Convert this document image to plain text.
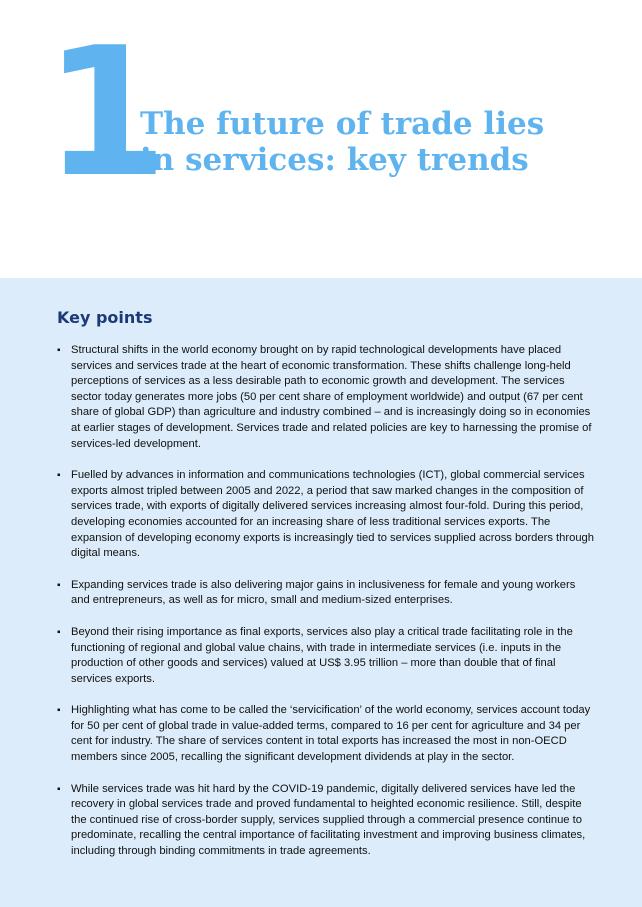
1
The future of trade lies
in services: key trends
Key points
▪ Structural shifts in the world economy brought on by rapid technological developments have placed services and services trade at the heart of economic transformation. These shifts challenge long-held perceptions of services as a less desirable path to economic growth and development. The services sector today generates more jobs (50 per cent share of employment worldwide) and output (67 per cent share of global GDP) than agriculture and industry combined – and is increasingly doing so in economies at earlier stages of development. Services trade and related policies are key to harnessing the promise of services-led development.
▪ Fuelled by advances in information and communications technologies (ICT), global commercial services exports almost tripled between 2005 and 2022, a period that saw marked changes in the composition of services trade, with exports of digitally delivered services increasing almost four-fold. During this period, developing economies accounted for an increasing share of less traditional services exports. The expansion of developing economy exports is increasingly tied to services supplied across borders through digital means.
▪ Expanding services trade is also delivering major gains in inclusiveness for female and young workers and entrepreneurs, as well as for micro, small and medium-sized enterprises.
▪ Beyond their rising importance as final exports, services also play a critical trade facilitating role in the functioning of regional and global value chains, with trade in intermediate services (i.e. inputs in the production of other goods and services) valued at US$ 3.95 trillion – more than double that of final services exports.
▪ Highlighting what has come to be called the ‘servicification’ of the world economy, services account today for 50 per cent of global trade in value-added terms, compared to 16 per cent for agriculture and 34 per cent for industry. The share of services content in total exports has increased the most in non-OECD members since 2005, recalling the significant development dividends at play in the sector.
▪ While services trade was hit hard by the COVID-19 pandemic, digitally delivered services have led the recovery in global services trade and proved fundamental to heighted economic resilience. Still, despite the continued rise of cross-border supply, services supplied through a commercial presence continue to predominate, recalling the central importance of facilitating investment and improving business climates, including through binding commitments in trade agreements.
